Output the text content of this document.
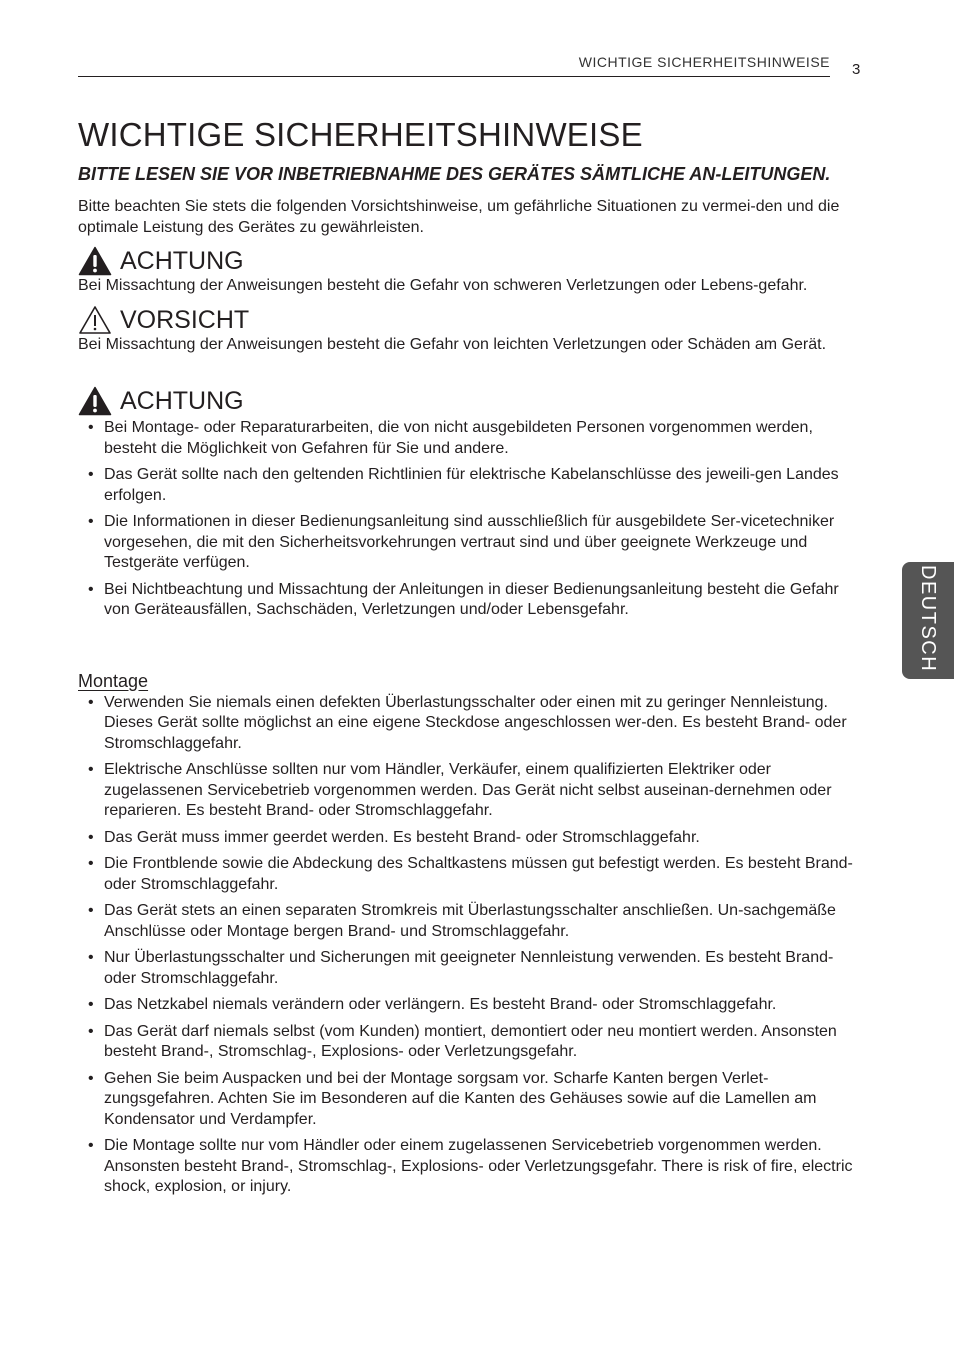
WICHTIGE SICHERHEITSHINWEISE 3
DEUTSCH
WICHTIGE SICHERHEITSHINWEISE
BITTE LESEN SIE VOR INBETRIEBNAHME DES GERÄTES SÄMTLICHE AN-LEITUNGEN.

Bitte beachten Sie stets die folgenden Vorsichtshinweise, um gefährliche Situationen zu vermei-den und die optimale Leistung des Gerätes zu gewährleisten.

ACHTUNG

Bei Missachtung der Anweisungen besteht die Gefahr von schweren Verletzungen oder Lebens-gefahr.

VORSICHT

Bei Missachtung der Anweisungen besteht die Gefahr von leichten Verletzungen oder Schäden am Gerät.

ACHTUNG
• Bei Montage- oder Reparaturarbeiten, die von nicht ausgebildeten Personen vorgenommen werden, besteht die Möglichkeit von Gefahren für Sie und andere.
• Das Gerät sollte nach den geltenden Richtlinien für elektrische Kabelanschlüsse des jeweili-gen Landes erfolgen.
• Die Informationen in dieser Bedienungsanleitung sind ausschließlich für ausgebildete Ser-vicetechniker vorgesehen, die mit den Sicherheitsvorkehrungen vertraut sind und über geeignete Werkzeuge und Testgeräte verfügen.
• Bei Nichtbeachtung und Missachtung der Anleitungen in dieser Bedienungsanleitung besteht die Gefahr von Geräteausfällen, Sachschäden, Verletzungen und/oder Lebensgefahr.
Montage
• Verwenden Sie niemals einen defekten Überlastungsschalter oder einen mit zu geringer Nennleistung. Dieses Gerät sollte möglichst an eine eigene Steckdose angeschlossen wer-den. Es besteht Brand- oder Stromschlaggefahr.
• Elektrische Anschlüsse sollten nur vom Händler, Verkäufer, einem qualifizierten Elektriker oder zugelassenen Servicebetrieb vorgenommen werden. Das Gerät nicht selbst auseinan-dernehmen oder reparieren. Es besteht Brand- oder Stromschlaggefahr.
• Das Gerät muss immer geerdet werden. Es besteht Brand- oder Stromschlaggefahr.
• Die Frontblende sowie die Abdeckung des Schaltkastens müssen gut befestigt werden. Es besteht Brand- oder Stromschlaggefahr.
• Das Gerät stets an einen separaten Stromkreis mit Überlastungsschalter anschließen. Un-sachgemäße Anschlüsse oder Montage bergen Brand- und Stromschlaggefahr.
• Nur Überlastungsschalter und Sicherungen mit geeigneter Nennleistung verwenden. Es besteht Brand- oder Stromschlaggefahr.
• Das Netzkabel niemals verändern oder verlängern. Es besteht Brand- oder Stromschlaggefahr.
• Das Gerät darf niemals selbst (vom Kunden) montiert, demontiert oder neu montiert werden. Ansonsten besteht Brand-, Stromschlag-, Explosions- oder Verletzungsgefahr.
• Gehen Sie beim Auspacken und bei der Montage sorgsam vor. Scharfe Kanten bergen Verlet-zungsgefahren. Achten Sie im Besonderen auf die Kanten des Gehäuses sowie auf die Lamellen am Kondensator und Verdampfer.
• Die Montage sollte nur vom Händler oder einem zugelassenen Servicebetrieb vorgenommen werden. Ansonsten besteht Brand-, Stromschlag-, Explosions- oder Verletzungsgefahr. There is risk of fire, electric shock, explosion, or injury.
